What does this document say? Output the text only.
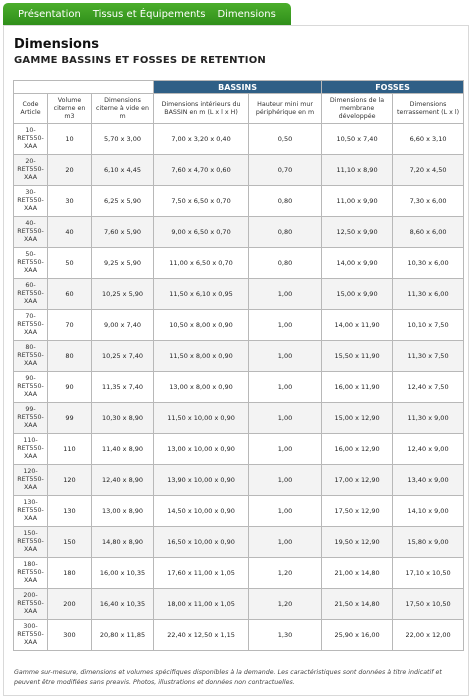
Présentation	Tissus et Équipements	Dimensions
Dimensions
GAMME BASSINS ET FOSSES DE RETENTION
			BASSINS		FOSSES	
Code Article	Volume citerne en m3	Dimensions citerne à vide en m	Dimensions intérieurs du BASSIN en m (L x l x H)	Hauteur mini mur périphérique en m	Dimensions de la membrane développée	Dimensions terrassement (L x l)
10-RET550-XAA	10	5,70 x 3,00	7,00 x 3,20 x 0,40	0,50	10,50 x 7,40	6,60 x 3,10
20-RET550-XAA	20	6,10 x 4,45	7,60 x 4,70 x 0,60	0,70	11,10 x 8,90	7,20 x 4,50
30-RET550-XAA	30	6,25 x 5,90	7,50 x 6,50 x 0,70	0,80	11,00 x 9,90	7,30 x 6,00
40-RET550-XAA	40	7,60 x 5,90	9,00 x 6,50 x 0,70	0,80	12,50 x 9,90	8,60 x 6,00
50-RET550-XAA	50	9,25 x 5,90	11,00 x 6,50 x 0,70	0,80	14,00 x 9,90	10,30 x 6,00
60-RET550-XAA	60	10,25 x 5,90	11,50 x 6,10 x 0,95	1,00	15,00 x 9,90	11,30 x 6,00
70-RET550-XAA	70	9,00 x 7,40	10,50 x 8,00 x 0,90	1,00	14,00 x 11,90	10,10 x 7,50
80-RET550-XAA	80	10,25 x 7,40	11,50 x 8,00 x 0,90	1,00	15,50 x 11,90	11,30 x 7,50
90-RET550-XAA	90	11,35 x 7,40	13,00 x 8,00 x 0,90	1,00	16,00 x 11,90	12,40 x 7,50
99-RET550-XAA	99	10,30 x 8,90	11,50 x 10,00 x 0,90	1,00	15,00 x 12,90	11,30 x 9,00
110-RET550-XAA	110	11,40 x 8,90	13,00 x 10,00 x 0,90	1,00	16,00 x 12,90	12,40 x 9,00
120-RET550-XAA	120	12,40 x 8,90	13,90 x 10,00 x 0,90	1,00	17,00 x 12,90	13,40 x 9,00
130-RET550-XAA	130	13,00 x 8,90	14,50 x 10,00 x 0,90	1,00	17,50 x 12,90	14,10 x 9,00
150-RET550-XAA	150	14,80 x 8,90	16,50 x 10,00 x 0,90	1,00	19,50 x 12,90	15,80 x 9,00
180-RET550-XAA	180	16,00 x 10,35	17,60 x 11,00 x 1,05	1,20	21,00 x 14,80	17,10 x 10,50
200-RET550-XAA	200	16,40 x 10,35	18,00 x 11,00 x 1,05	1,20	21,50 x 14,80	17,50 x 10,50
300-RET550-XAA	300	20,80 x 11,85	22,40 x 12,50 x 1,15	1,30	25,90 x 16,00	22,00 x 12,00
Gamme sur-mesure, dimensions et volumes spécifiques disponibles à la demande. Les caractéristiques sont données à titre indicatif et peuvent être modifiées sans preavis. Photos, illustrations et données non contractuelles.
